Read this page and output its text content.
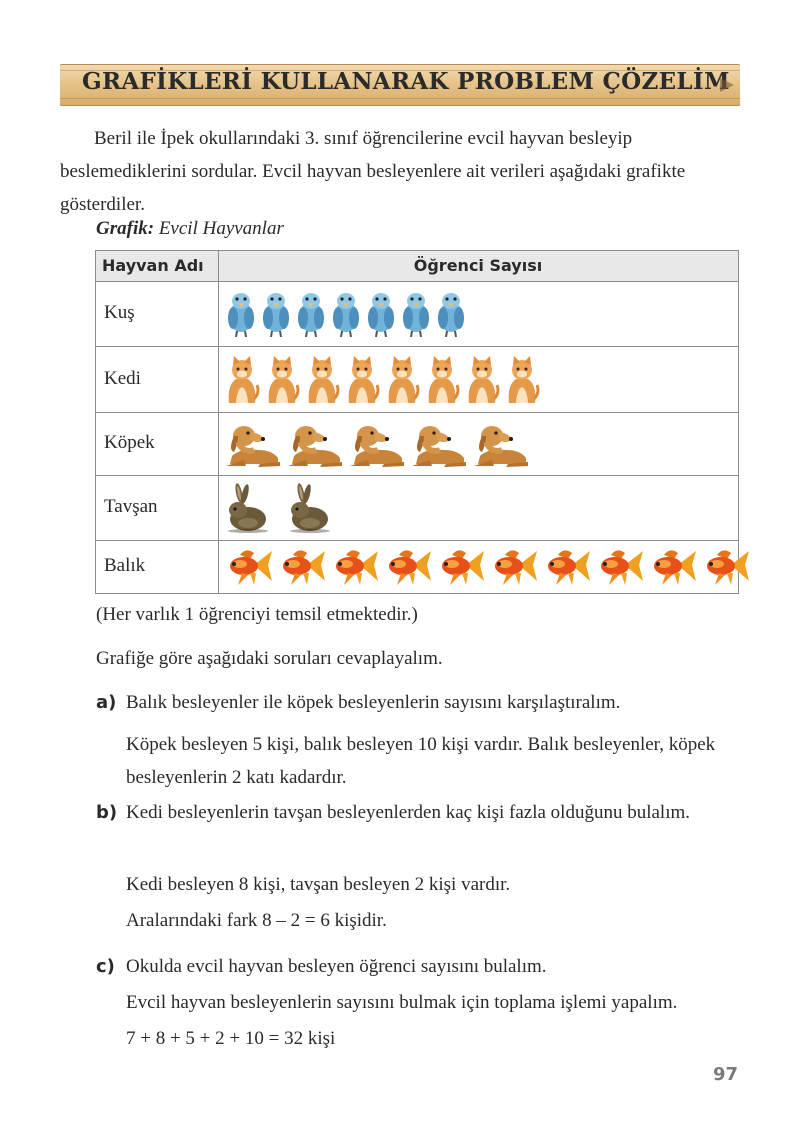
GRAFİKLERİ KULLANARAK PROBLEM ÇÖZELİM
Beril ile İpek okullarındaki 3. sınıf öğrencilerine evcil hayvan besleyip beslemediklerini sordular. Evcil hayvan besleyenlere ait verileri aşağıdaki grafikte gösterdiler.
Grafik: Evcil Hayvanlar
Hayvan Adı	Öğrenci Sayısı
Kuş
Kedi
Köpek
Tavşan
Balık
(Her varlık 1 öğrenciyi temsil etmektedir.)
Grafiğe göre aşağıdaki soruları cevaplayalım.
a) Balık besleyenler ile köpek besleyenlerin sayısını karşılaştıralım.
Köpek besleyen 5 kişi, balık besleyen 10 kişi vardır. Balık besleyenler, köpek besleyenlerin 2 katı kadardır.
b) Kedi besleyenlerin tavşan besleyenlerden kaç kişi fazla olduğunu bulalım.
Kedi besleyen 8 kişi, tavşan besleyen 2 kişi vardır.
Aralarındaki fark 8 – 2 = 6 kişidir.
c) Okulda evcil hayvan besleyen öğrenci sayısını bulalım.
Evcil hayvan besleyenlerin sayısını bulmak için toplama işlemi yapalım.
7 + 8 + 5 + 2 + 10 = 32 kişi
97
